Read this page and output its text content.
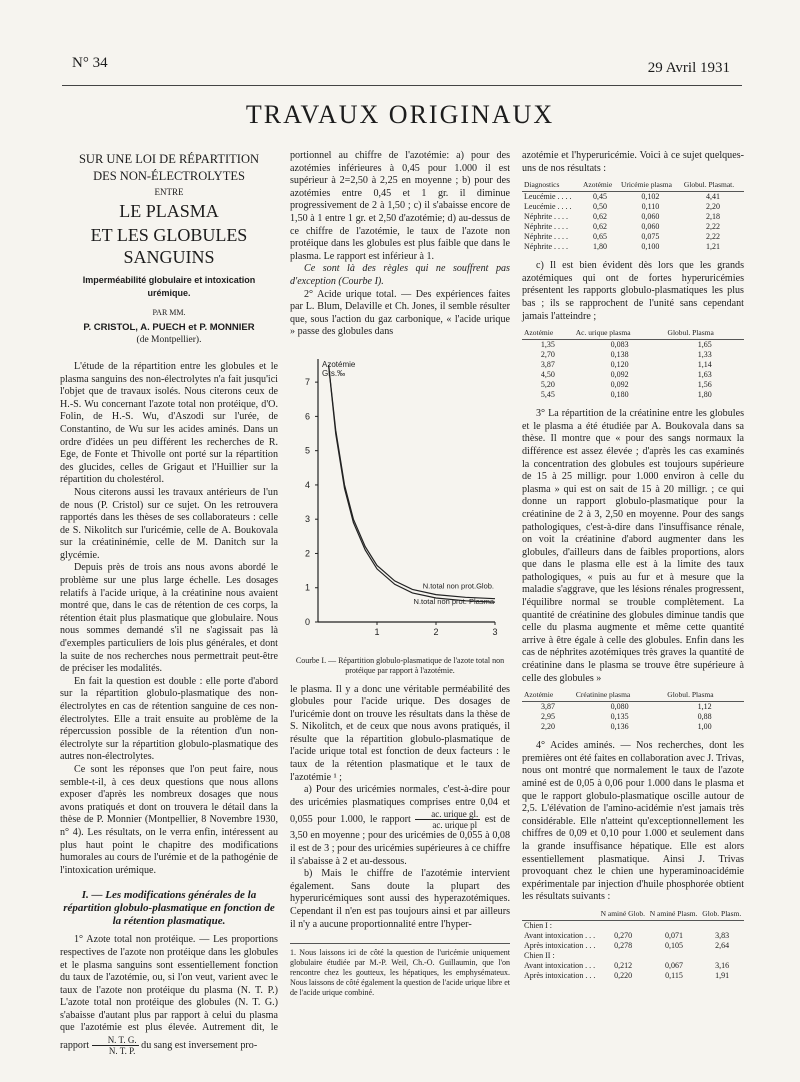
N° 34	29 Avril 1931
TRAVAUX ORIGINAUX
SUR UNE LOI DE RÉPARTITION
DES NON-ÉLECTROLYTES
ENTRE
LE PLASMA
ET LES GLOBULES SANGUINS
Imperméabilité globulaire et intoxication urémique.
PAR MM.
P. CRISTOL, A. PUECH et P. MONNIER
(de Montpellier).

L'étude de la répartition entre les globules et le plasma sanguins des non-électrolytes n'a fait jusqu'ici l'objet que de travaux isolés. Nous citerons ceux de H.-S. Wu concernant l'azote total non protéique, d'O. Folin, de H.-S. Wu, d'Aszodi sur l'urée, de Constantino, de Wu sur les acides aminés. Dans un ordre d'idées un peu différent les recherches de R. Ege, de Fonte et Thivolle ont porté sur la répartition des glucides, celles de Grigaut et l'Huillier sur la répartition du cholestérol.

Nous citerons aussi les travaux antérieurs de l'un de nous (P. Cristol) sur ce sujet. On les retrouvera rapportés dans les thèses de ses collaborateurs : celle de S. Nikolitch sur l'uricémie, celle de A. Boukovala sur la créatininémie, celle de M. Danitch sur la glycémie.

Depuis près de trois ans nous avons abordé le problème sur une plus large échelle. Les dosages relatifs à l'acide urique, à la créatinine nous avaient montré que, dans le cas de rétention de ces corps, la rétention était plus plasmatique que globulaire. Nous nous sommes demandé s'il ne s'agissait pas là d'exemples particuliers de lois plus générales, et dont la suite de nos recherches nous permettrait peut-être de préciser les modalités.

En fait la question est double : elle porte d'abord sur la répartition globulo-plasmatique des non-électrolytes en cas de rétention sanguine de ces non-électrolytes. Elle a trait ensuite au problème de la répercussion possible de la rétention d'un non-électrolyte sur la répartition globulo-plasmatique des autres non-électrolytes.

Ce sont les réponses que l'on peut faire, nous semble-t-il, à ces deux questions que nous allons exposer d'après les nombreux dosages que nous avons pratiqués et dont on trouvera le détail dans la thèse de P. Monnier (Montpellier, 8 Novembre 1930, n° 4). Les résultats, on le verra enfin, intéressent au plus haut point le chapitre des modifications humorales au cours de l'urémie et de la pathogénie de l'intoxication urémique.

I. — Les modifications générales de la répartition globulo-plasmatique en fonction de la rétention plasmatique.

1° Azote total non protéique. — Les proportions respectives de l'azote non protéique dans les globules et le plasma sanguins sont essentiellement fonction du taux de l'azotémie, ou, si l'on veut, varient avec le taux de l'azote non protéique du plasma (N. T. P.) L'azote total non protéique des globules (N. T. G.) s'abaisse d'autant plus par rapport à celui du plasma que l'azotémie est plus élevée. Autrement dit, le rapport $\frac{N. T. G.}{N. T. P.}$ du sang est inversement pro-

portionnel au chiffre de l'azotémie: a) pour des azotémies inférieures à 0,45 pour 1.000 il est supérieur à 2=2,50 à 2,25 en moyenne ; b) pour des azotémies entre 0,45 et 1 gr. il diminue progressivement de 2 à 1,50 ; c) il s'abaisse encore de 1,50 à 1 entre 1 gr. et 2,50 d'azotémie; d) au-dessus de ce chiffre de l'azotémie, le taux de l'azote non protéique dans les globules est plus faible que dans le plasma. Le rapport est inférieur à 1.

Ce sont là des règles qui ne souffrent pas d'exception (Courbe I).

2° Acide urique total. — Des expériences faites par L. Blum, Delaville et Ch. Jones, il semble résulter que, sous l'action du gaz carbonique, « l'acide urique » passe des globules dans

0
1
2
3
4
5
6
7
1	2	3
Azotémie
Grs.‰
N.total non prot.Glob.
N.total non prot. Plasma
Courbe I. — Répartition globulo-plasmatique de l'azote total non protéique par rapport à l'azotémie.

le plasma. Il y a donc une véritable perméabilité des globules pour l'acide urique. Des dosages de l'uricémie dont on trouve les résultats dans la thèse de S. Nikolitch, et de ceux que nous avons pratiqués, il résulte que la répartition globulo-plasmatique de l'acide urique total est fonction de deux facteurs : le taux de la rétention plasmatique et le taux de l'azotémie ¹ ;

a) Pour des uricémies normales, c'est-à-dire pour des uricémies plasmatiques comprises entre 0,04 et 0,055 pour 1.000, le rapport $\frac{\text{ac. urique gl.}}{\text{ac. urique pl}}$ est de 3,50 en moyenne ; pour des uricémies de 0,055 à 0,08 il est de 3 ; pour des uricémies supérieures à ce chiffre il s'abaisse à 2 et au-dessous.

b) Mais le chiffre de l'azotémie intervient également. Sans doute la plupart des hyperuricémiques sont aussi des hyperazotémiques. Cependant il n'en est pas toujours ainsi et par ailleurs il n'y a aucune proportionnalité entre l'hyper-

1. Nous laissons ici de côté la question de l'uricémie uniquement globulaire étudiée par M.-P. Weil, Ch.-O. Guillaumin, que l'on rencontre chez les goutteux, les hépatiques, les emphysémateux. Nous laissons de côté également la question de l'acide urique libre et de l'acide urique combiné.

azotémie et l'hyperuricémie. Voici à ce sujet quelques-uns de nos résultats :

Diagnostics	Azotémie	Uricémie plasma	Globul. Plasmat.
Leucémie . . . .	0,45	0,102	4,41
Leucémie . . . .	0,50	0,110	2,20
Néphrite . . . .	0,62	0,060	2,18
Néphrite . . . .	0,62	0,060	2,22
Néphrite . . . .	0,65	0,075	2,22
Néphrite . . . .	1,80	0,100	1,21

c) Il est bien évident dès lors que les grands azotémiques qui ont de fortes hyperuricémies présentent les rapports globulo-plasmatiques les plus bas ; ils se rapprochent de l'unité sans cependant jamais l'atteindre ;

Azotémie	Ac. urique plasma	Globul. Plasma
1,35	0,083	1,65
2,70	0,138	1,33
3,87	0,120	1,14
4,50	0,092	1,63
5,20	0,092	1,56
5,45	0,180	1,80

3° La répartition de la créatinine entre les globules et le plasma a été étudiée par A. Boukovala dans sa thèse. Il montre que « pour des sangs normaux la différence est assez élevée ; d'après les cas examinés la concentration des globules est toujours supérieure de 15 à 25 milligr. pour 1.000 environ à celle du plasma » qui est on sait de 15 à 20 milligr. ; ce qui donne un rapport globulo-plasmatique pour la créatinine de 2 à 3, 2,50 en moyenne. Pour des sangs pathologiques, c'est-à-dire dans l'insuffisance rénale, on voit la créatinine d'abord augmenter dans les globules, d'ailleurs dans de faibles proportions, alors que dans le plasma elle est à la limite des taux pathologiques, « puis au fur et à mesure que la maladie s'aggrave, que les lésions rénales progressent, l'équilibre normal se trouble complètement. La quantité de créatinine des globules diminue tandis que celle du plasma augmente et même cette quantité arrive à être égale à celle des globules. Enfin dans les cas de néphrites azotémiques très graves la quantité de créatinine dans le plasma se trouve être supérieure à celle des globules »

Azotémie	Créatinine plasma	Globul. Plasma
3,87	0,080	1,12
2,95	0,135	0,88
2,20	0,136	1,00

4° Acides aminés. — Nos recherches, dont les premières ont été faites en collaboration avec J. Trivas, nous ont montré que normalement le taux de l'azote aminé est de 0,05 à 0,06 pour 1.000 dans le plasma et que le rapport globulo-plasmatique oscille autour de 2,5. L'élévation de l'amino-acidémie n'est jamais très considérable. Elle n'atteint qu'exceptionnellement les chiffres de 0,09 et 0,10 pour 1.000 et seulement dans la grande insuffisance hépatique. Elle est alors essentiellement plasmatique. Ainsi J. Trivas provoquant chez le chien une hyperaminoacidémie expérimentale par injection d'huile phosphorée obtient les résultats suivants :

	N aminé Glob.	N aminé Plasm.	Glob. Plasm.
Chien I :			
Avant intoxication . . .	0,270	0,071	3,83
Après intoxication . . .	0,278	0,105	2,64
Chien II :			
Avant intoxication . . .	0,212	0,067	3,16
Après intoxication . . .	0,220	0,115	1,91
